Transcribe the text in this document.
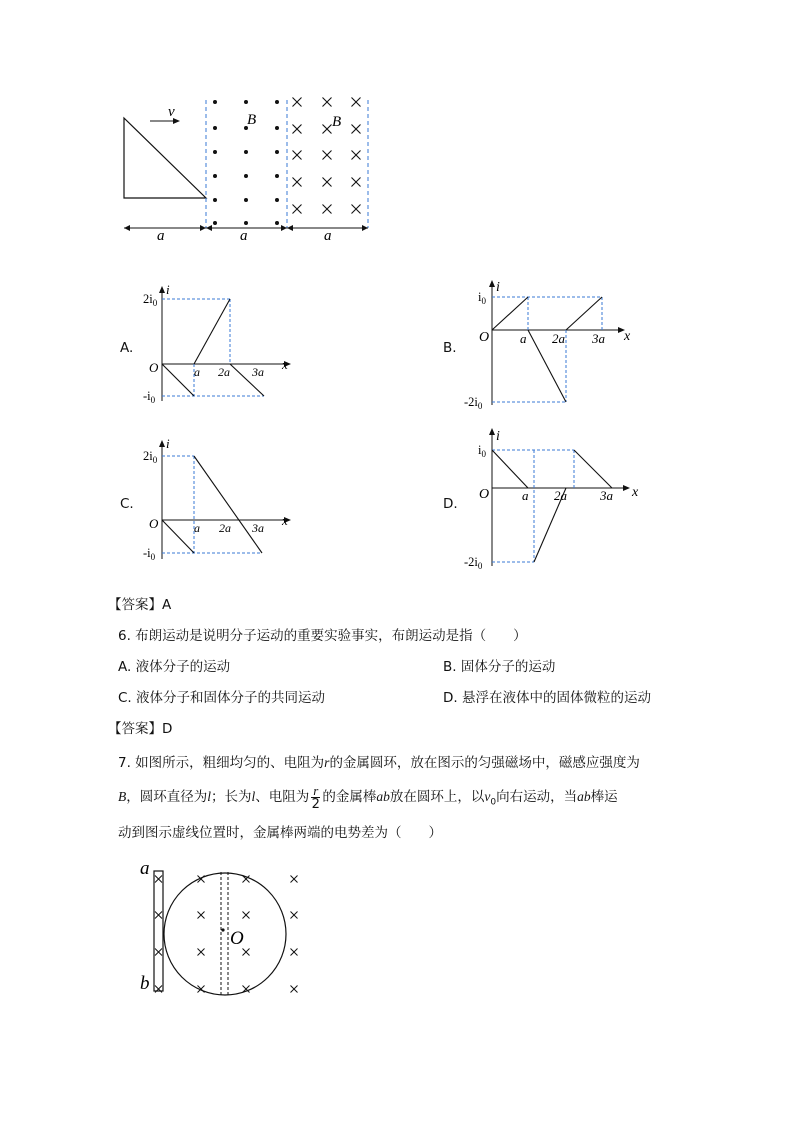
v	B	B
a	a	a
A.
$2i_0$
$-i_0$
O
i
x
a 2a 3a
B.
$i_0$
$-2i_0$
O
i
x
a 2a 3a
C.
$2i_0$
$-i_0$
O
i
x
a 2a 3a
D.
$i_0$
$-2i_0$
O
i
x
a 2a	3a
【答案】A
6. 布朗运动是说明分子运动的重要实验事实，布朗运动是指（　　）
A. 液体分子的运动	B. 固体分子的运动
C. 液体分子和固体分子的共同运动	D. 悬浮在液体中的固体微粒的运动
【答案】D
7. 如图所示，粗细均匀的、电阻为r的金属圆环，放在图示的匀强磁场中，磁感应强度为
B，圆环直径为l；长为l、电阻为 $\frac{r}{2}$ 的金属棒ab放在圆环上，以$v_0$向右运动，当ab棒运
动到图示虚线位置时，金属棒两端的电势差为（　　）
a
b
O
